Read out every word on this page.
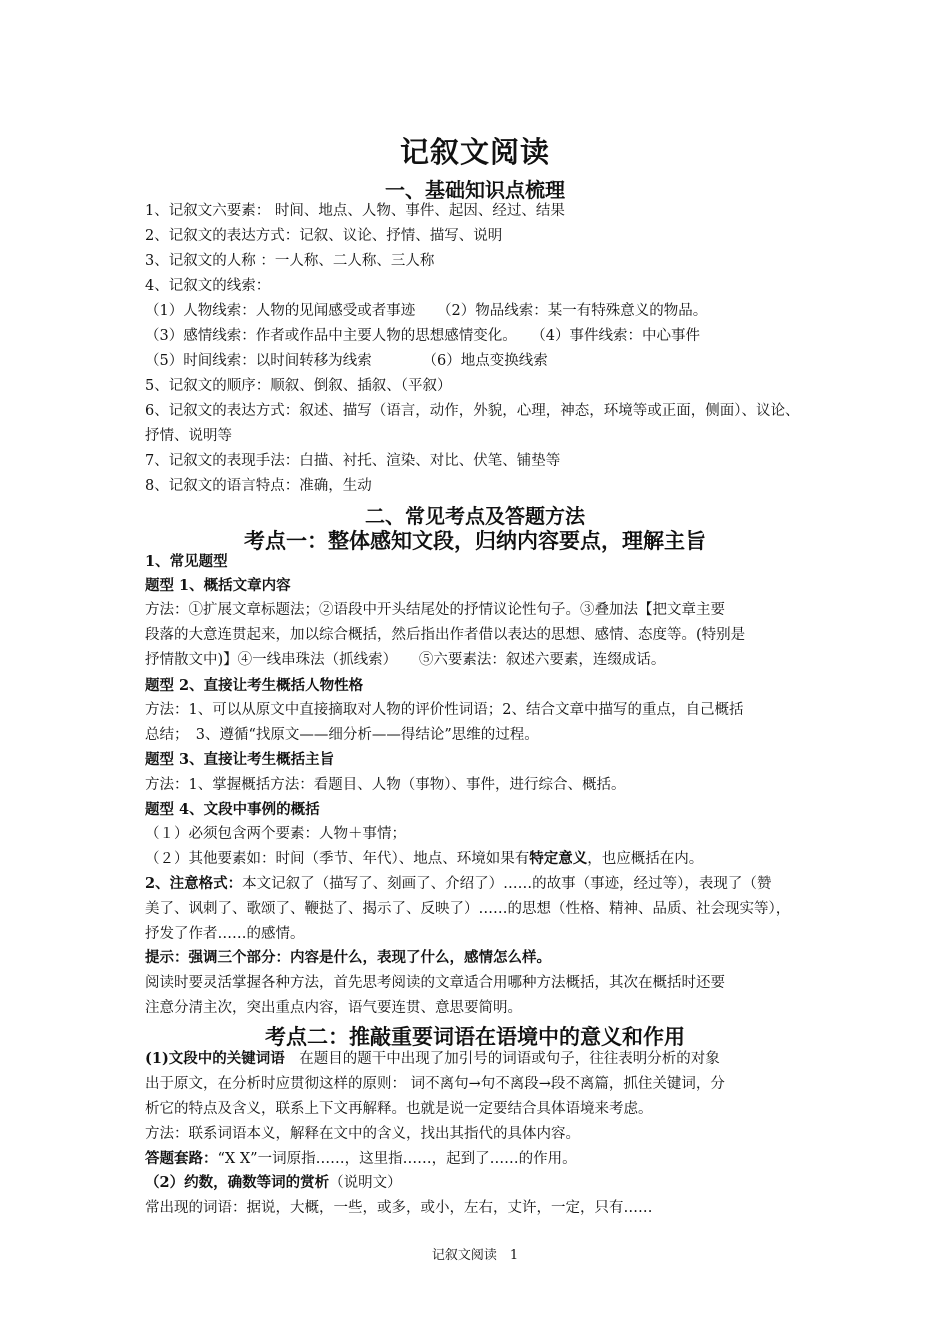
记叙文阅读
一、基础知识点梳理
1、记叙文六要素： 时间、地点、人物、事件、起因、经过、结果
2、记叙文的表达方式：记叙、议论、抒情、描写、说明
3、记叙文的人称 ：一人称、二人称、三人称
4、记叙文的线索：
（1）人物线索：人物的见闻感受或者事迹　　（2）物品线索：某一有特殊意义的物品。
（3）感情线索：作者或作品中主要人物的思想感情变化。　　（4）事件线索：中心事件
（5）时间线索：以时间转移为线索　　　　（6）地点变换线索
5、记叙文的顺序：顺叙、倒叙、插叙、（平叙）
6、记叙文的表达方式：叙述、描写（语言，动作，外貌，心理，神态，环境等或正面，侧面）、议论、
抒情、说明等
7、记叙文的表现手法：白描、衬托、渲染、对比、伏笔、铺垫等
8、记叙文的语言特点：准确，生动
二、常见考点及答题方法
考点一：整体感知文段，归纳内容要点，理解主旨
1、常见题型
题型 1、概括文章内容
方法：①扩展文章标题法；②语段中开头结尾处的抒情议论性句子。③叠加法【把文章主要
段落的大意连贯起来，加以综合概括，然后指出作者借以表达的思想、感情、态度等。(特别是
抒情散文中)】④一线串珠法（抓线索）　　⑤六要素法：叙述六要素，连缀成话。
题型 2、直接让考生概括人物性格
方法：1、可以从原文中直接摘取对人物的评价性词语；2、结合文章中描写的重点，自己概括
总结；　3、遵循“找原文——细分析——得结论”思维的过程。
题型 3、直接让考生概括主旨
方法：1、掌握概括方法：看题目、人物（事物）、事件，进行综合、概括。
题型 4、文段中事例的概括
（１）必须包含两个要素：人物＋事情；
（２）其他要素如：时间（季节、年代）、地点、环境如果有特定意义，也应概括在内。
2、注意格式：本文记叙了（描写了、刻画了、介绍了）……的故事（事迹，经过等），表现了（赞
美了、讽刺了、歌颂了、鞭挞了、揭示了、反映了）……的思想（性格、精神、品质、社会现实等），
抒发了作者……的感情。
提示：强调三个部分：内容是什么，表现了什么，感情怎么样。
阅读时要灵活掌握各种方法，首先思考阅读的文章适合用哪种方法概括，其次在概括时还要
注意分清主次，突出重点内容，语气要连贯、意思要简明。
考点二：推敲重要词语在语境中的意义和作用
(1)文段中的关键词语　在题目的题干中出现了加引号的词语或句子，往往表明分析的对象
出于原文，在分析时应贯彻这样的原则： 词不离句→句不离段→段不离篇，抓住关键词，分
析它的特点及含义，联系上下文再解释。也就是说一定要结合具体语境来考虑。
方法：联系词语本义，解释在文中的含义，找出其指代的具体内容。
答题套路：“X X”一词原指……，这里指……，起到了……的作用。
（2）约数，确数等词的赏析（说明文）
常出现的词语：据说，大概，一些，或多，或小，左右，丈许，一定，只有……
记叙文阅读　1
